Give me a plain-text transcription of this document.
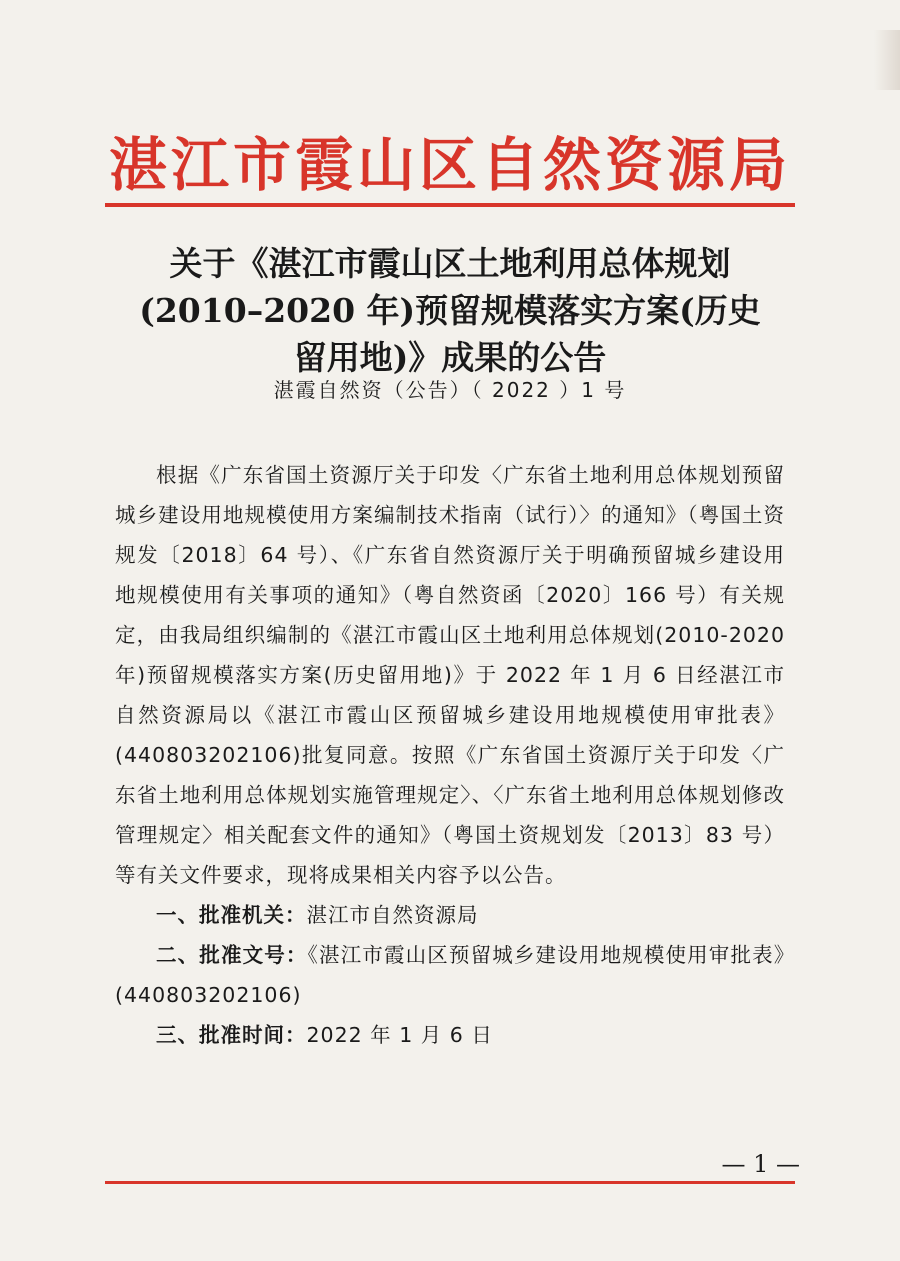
湛江市霞山区自然资源局
关于《湛江市霞山区土地利用总体规划
(2010–2020 年)预留规模落实方案(历史
留用地)》成果的公告
湛霞自然资（公告）（ 2022 ）1 号

根据《广东省国土资源厅关于印发〈广东省土地利用总体规划预留城乡建设用地规模使用方案编制技术指南（试行）〉的通知》（粤国土资规发〔2018〕64 号）、《广东省自然资源厅关于明确预留城乡建设用地规模使用有关事项的通知》（粤自然资函〔2020〕166 号）有关规定，由我局组织编制的《湛江市霞山区土地利用总体规划(2010-2020 年)预留规模落实方案(历史留用地)》于 2022 年 1 月 6 日经湛江市自然资源局以《湛江市霞山区预留城乡建设用地规模使用审批表》(440803202106)批复同意。按照《广东省国土资源厅关于印发〈广东省土地利用总体规划实施管理规定〉、〈广东省土地利用总体规划修改管理规定〉相关配套文件的通知》（粤国土资规划发〔2013〕83 号）等有关文件要求，现将成果相关内容予以公告。

一、批准机关：湛江市自然资源局

二、批准文号：《湛江市霞山区预留城乡建设用地规模使用审批表》(440803202106)

三、批准时间：2022 年 1 月 6 日

— 1 —
